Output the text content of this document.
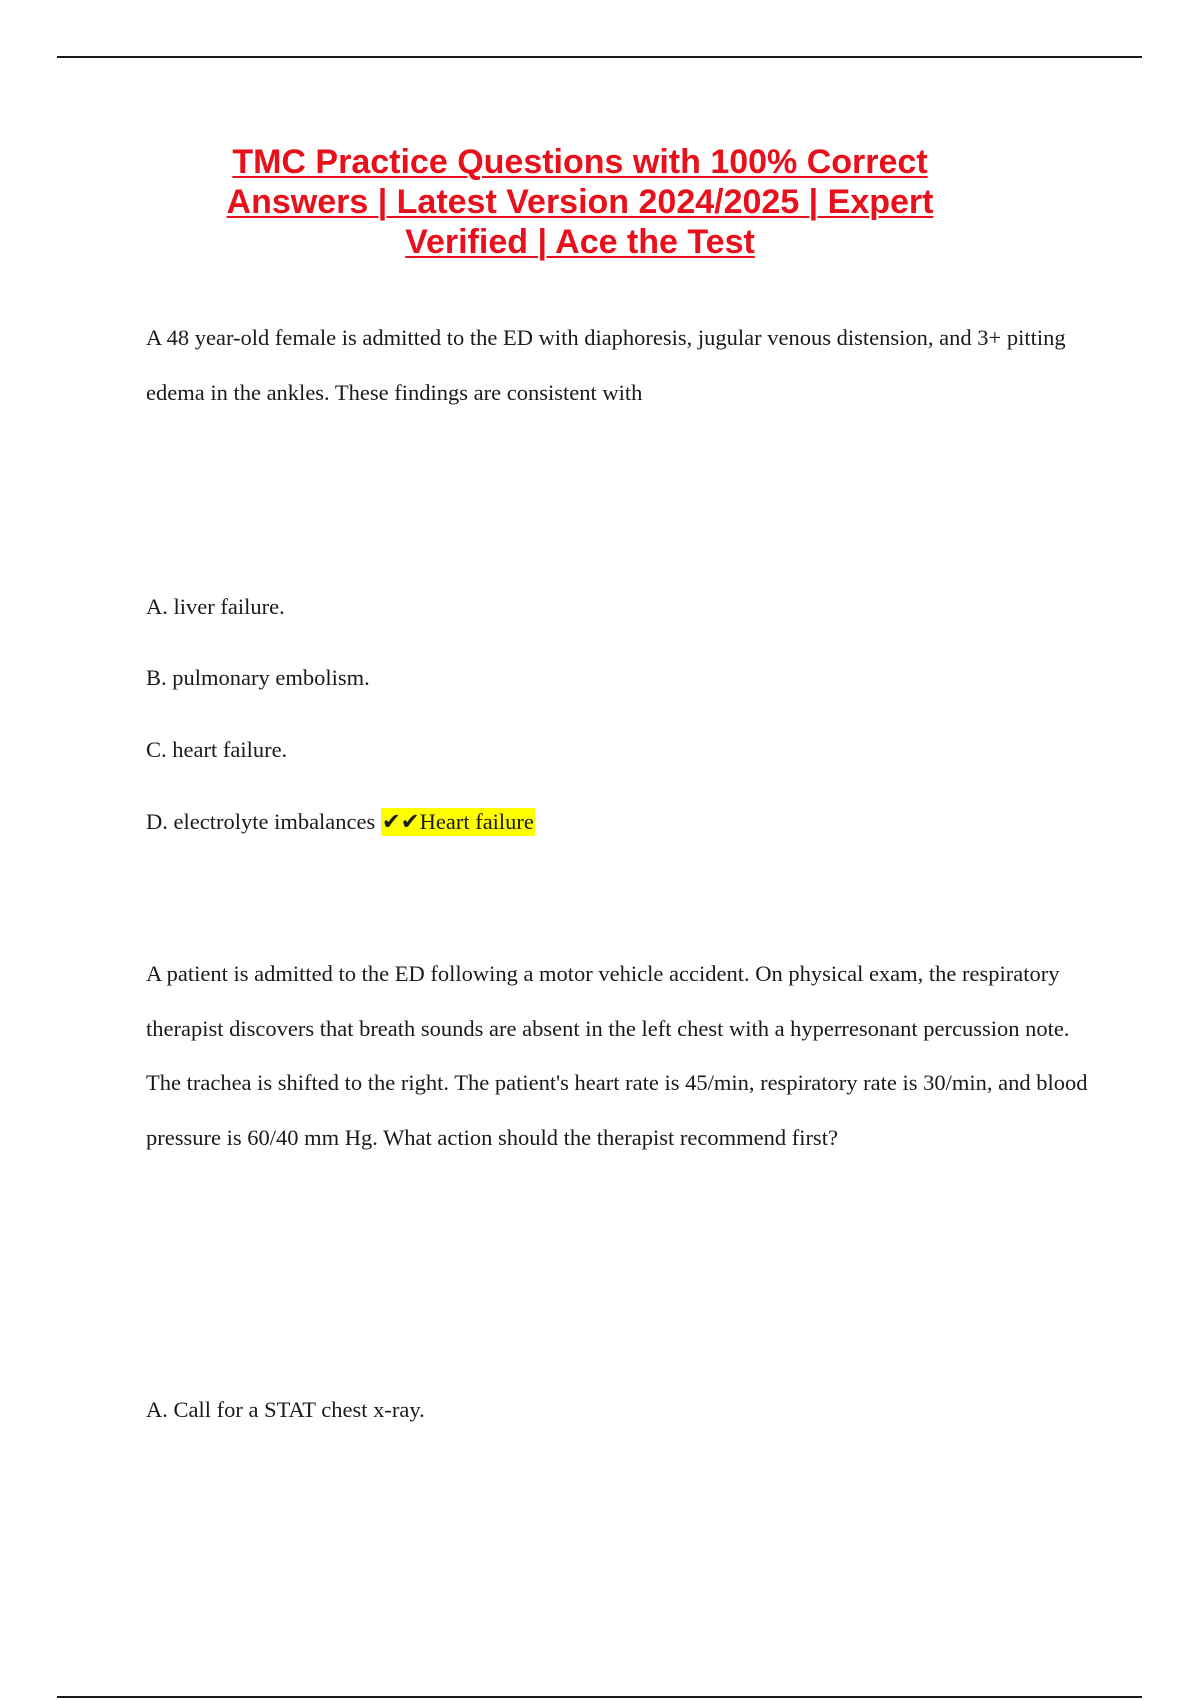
TMC Practice Questions with 100% Correct Answers | Latest Version 2024/2025 | Expert Verified | Ace the Test

A 48 year-old female is admitted to the ED with diaphoresis, jugular venous distension, and 3+ pitting edema in the ankles. These findings are consistent with

A. liver failure.

B. pulmonary embolism.

C. heart failure.

D. electrolyte imbalances ✔✔Heart failure

A patient is admitted to the ED following a motor vehicle accident. On physical exam, the respiratory therapist discovers that breath sounds are absent in the left chest with a hyperresonant percussion note. The trachea is shifted to the right. The patient's heart rate is 45/min, respiratory rate is 30/min, and blood pressure is 60/40 mm Hg. What action should the therapist recommend first?

A. Call for a STAT chest x-ray.
